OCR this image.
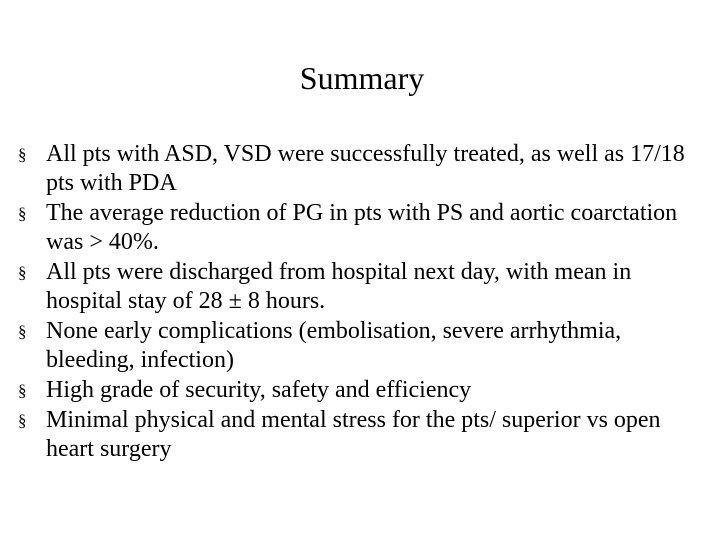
Summary
§ All pts with ASD, VSD were successfully treated, as well as 17/18 pts with PDA
§ The average reduction of PG in pts with PS and aortic coarctation was > 40%.
§ All pts were discharged from hospital next day, with mean in hospital stay of 28 ± 8 hours.
§ None early complications (embolisation, severe arrhythmia, bleeding, infection)
§ High grade of security, safety and efficiency
§ Minimal physical and mental stress for the pts/ superior vs open heart surgery
